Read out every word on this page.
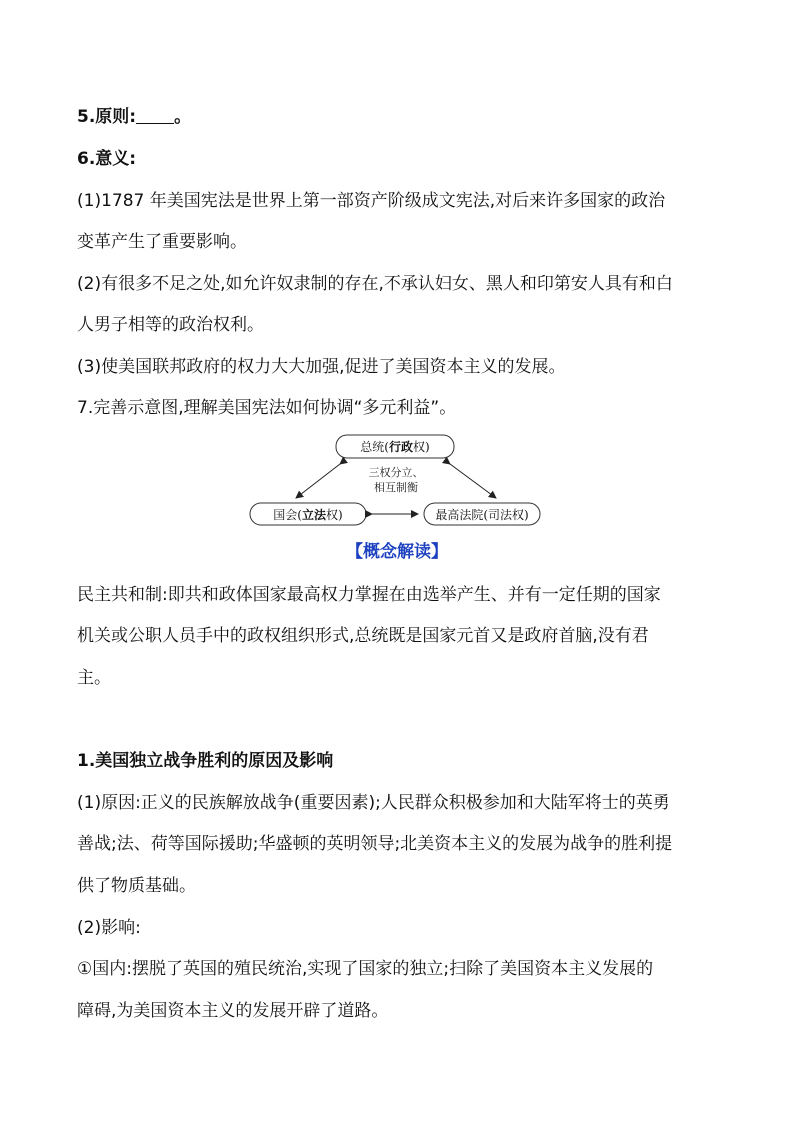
5.原则: 。
6.意义:
(1)1787 年美国宪法是世界上第一部资产阶级成文宪法,对后来许多国家的政治
变革产生了重要影响。
(2)有很多不足之处,如允许奴隶制的存在,不承认妇女、黑人和印第安人具有和白
人男子相等的政治权利。
(3)使美国联邦政府的权力大大加强,促进了美国资本主义的发展。
7.完善示意图,理解美国宪法如何协调“多元利益”。
总统(行政权)
国会(立法权)	最高法院(司法权)
三权分立、
相互制衡
【概念解读】
民主共和制:即共和政体国家最高权力掌握在由选举产生、并有一定任期的国家
机关或公职人员手中的政权组织形式,总统既是国家元首又是政府首脑,没有君
主。
1.美国独立战争胜利的原因及影响
(1)原因:正义的民族解放战争(重要因素);人民群众积极参加和大陆军将士的英勇
善战;法、荷等国际援助;华盛顿的英明领导;北美资本主义的发展为战争的胜利提
供了物质基础。
(2)影响:
①国内:摆脱了英国的殖民统治,实现了国家的独立;扫除了美国资本主义发展的
障碍,为美国资本主义的发展开辟了道路。
